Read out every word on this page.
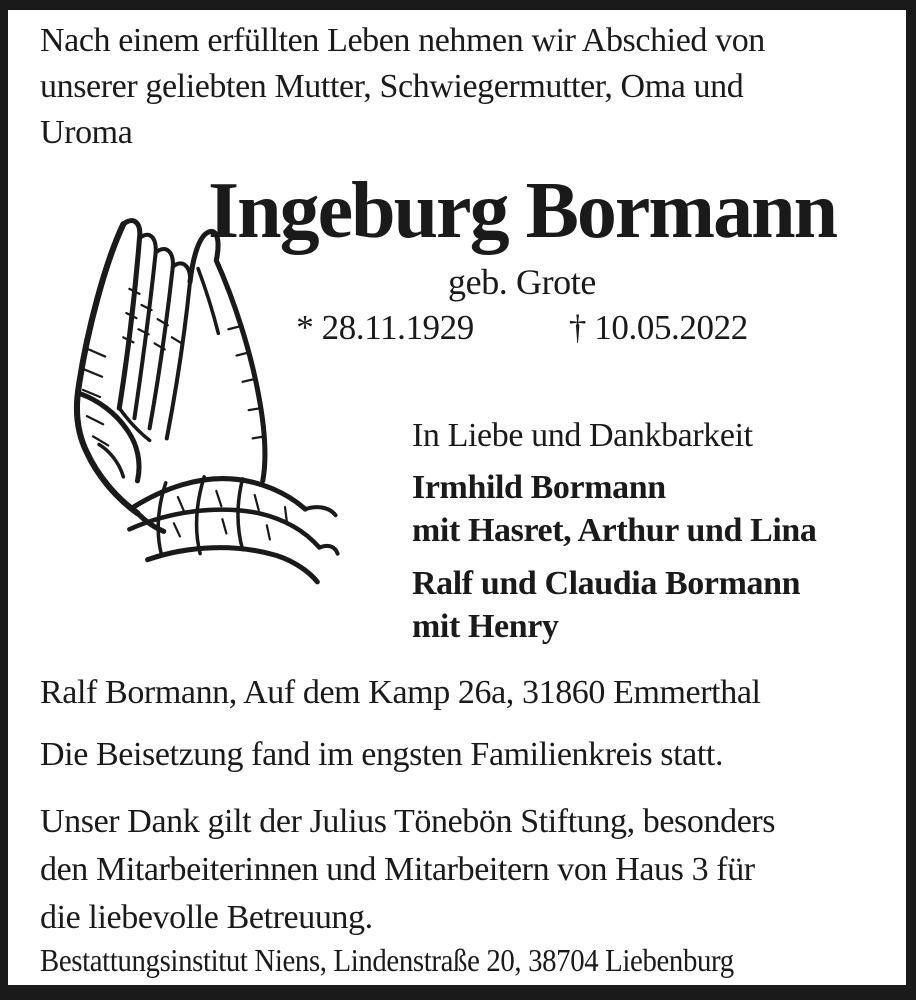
Nach einem erfüllten Leben nehmen wir Abschied von
unserer geliebten Mutter, Schwiegermutter, Oma und
Uroma
Ingeburg Bormann
geb. Grote
* 28.11.1929	† 10.05.2022

In Liebe und Dankbarkeit

Irmhild Bormann
mit Hasret, Arthur und Lina
Ralf und Claudia Bormann
mit Henry
Ralf Bormann, Auf dem Kamp 26a, 31860 Emmerthal
Die Beisetzung fand im engsten Familienkreis statt.
Unser Dank gilt der Julius Tönebön Stiftung, besonders
den Mitarbeiterinnen und Mitarbeitern von Haus 3 für
die liebevolle Betreuung.
Bestattungsinstitut Niens, Lindenstraße 20, 38704 Liebenburg
